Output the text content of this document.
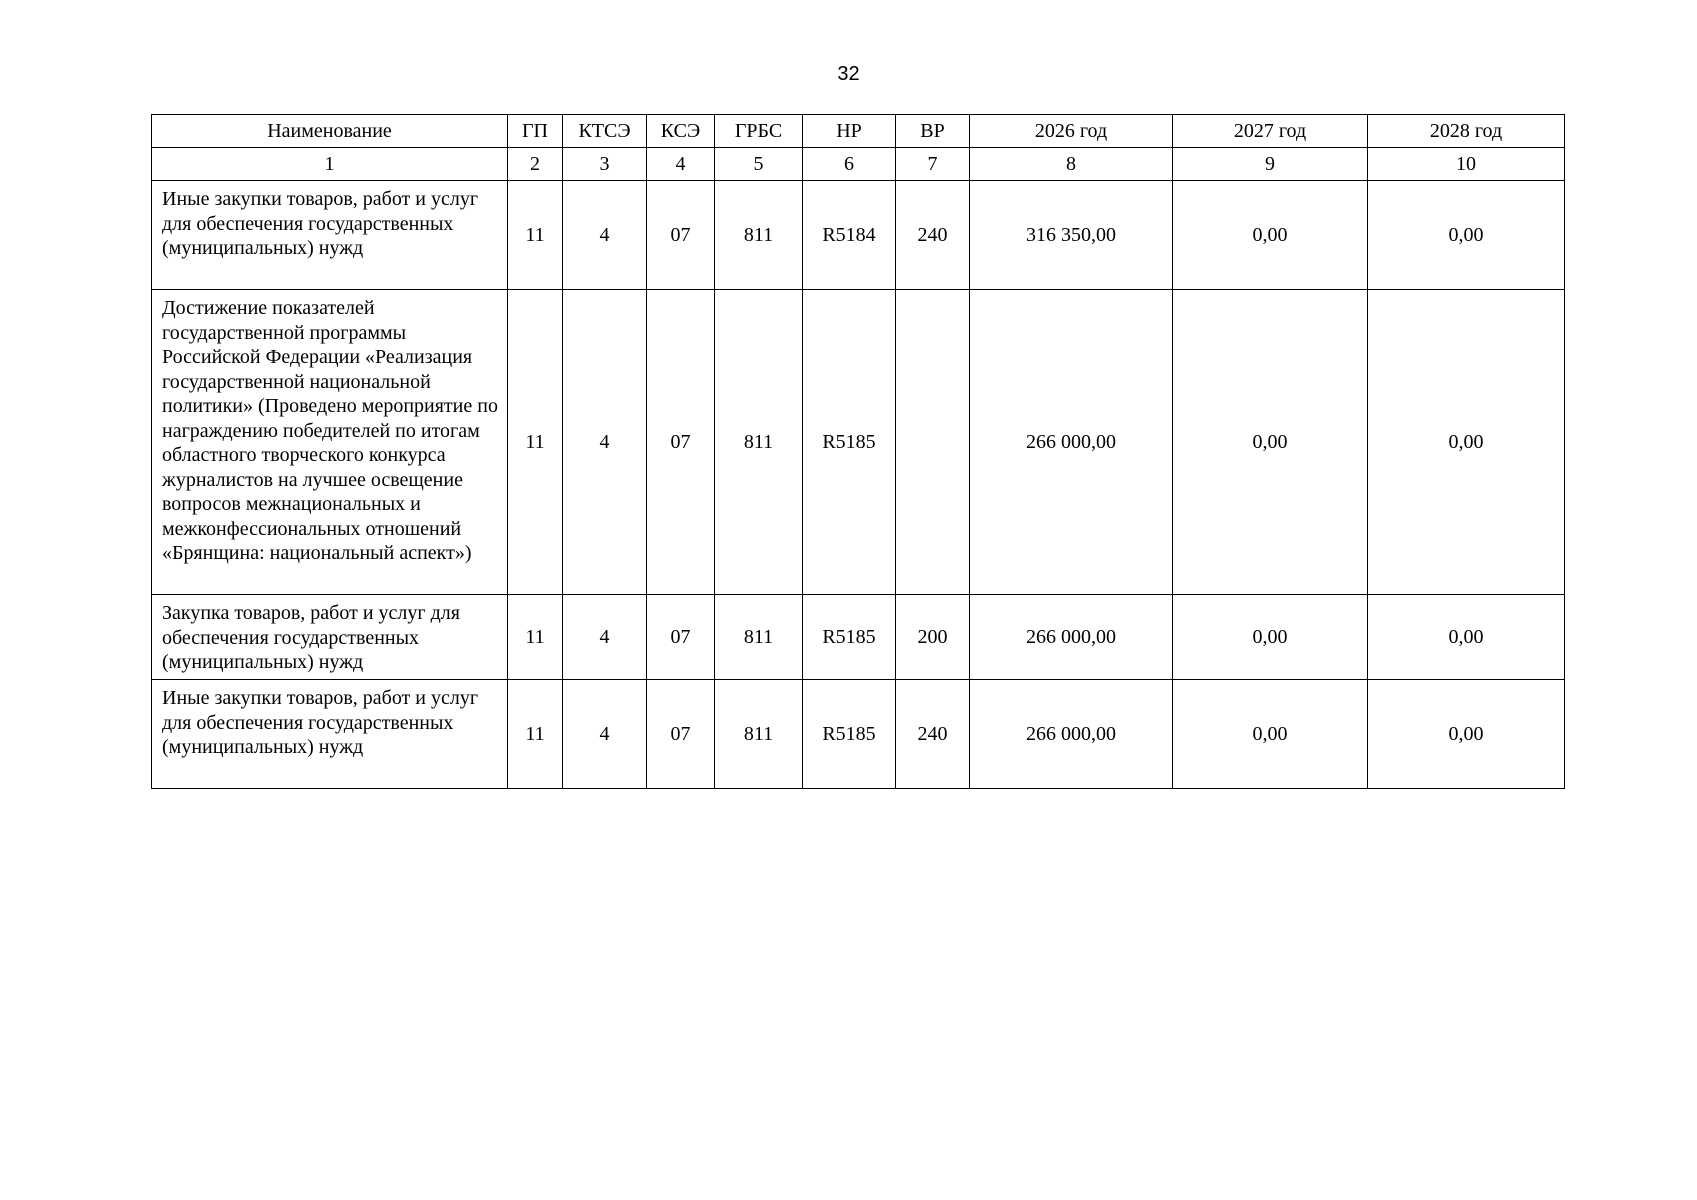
32
Наименование	ГП	КТСЭ	КСЭ	ГРБС	НР	ВР	2026 год	2027 год	2028 год
1	2	3	4	5	6	7	8	9	10
Иные закупки товаров, работ и услуг для обеспечения государственных (муниципальных) нужд	11	4	07	811	R5184	240	316 350,00	0,00	0,00
Достижение показателей государственной программы Российской Федерации «Реализация государственной национальной политики» (Проведено мероприятие по награждению победителей по итогам областного творческого конкурса журналистов на лучшее освещение вопросов межнациональных и межконфессиональных отношений «Брянщина: национальный аспект»)	11	4	07	811	R5185		266 000,00	0,00	0,00
Закупка товаров, работ и услуг для обеспечения государственных (муниципальных) нужд	11	4	07	811	R5185	200	266 000,00	0,00	0,00
Иные закупки товаров, работ и услуг для обеспечения государственных (муниципальных) нужд	11	4	07	811	R5185	240	266 000,00	0,00	0,00
